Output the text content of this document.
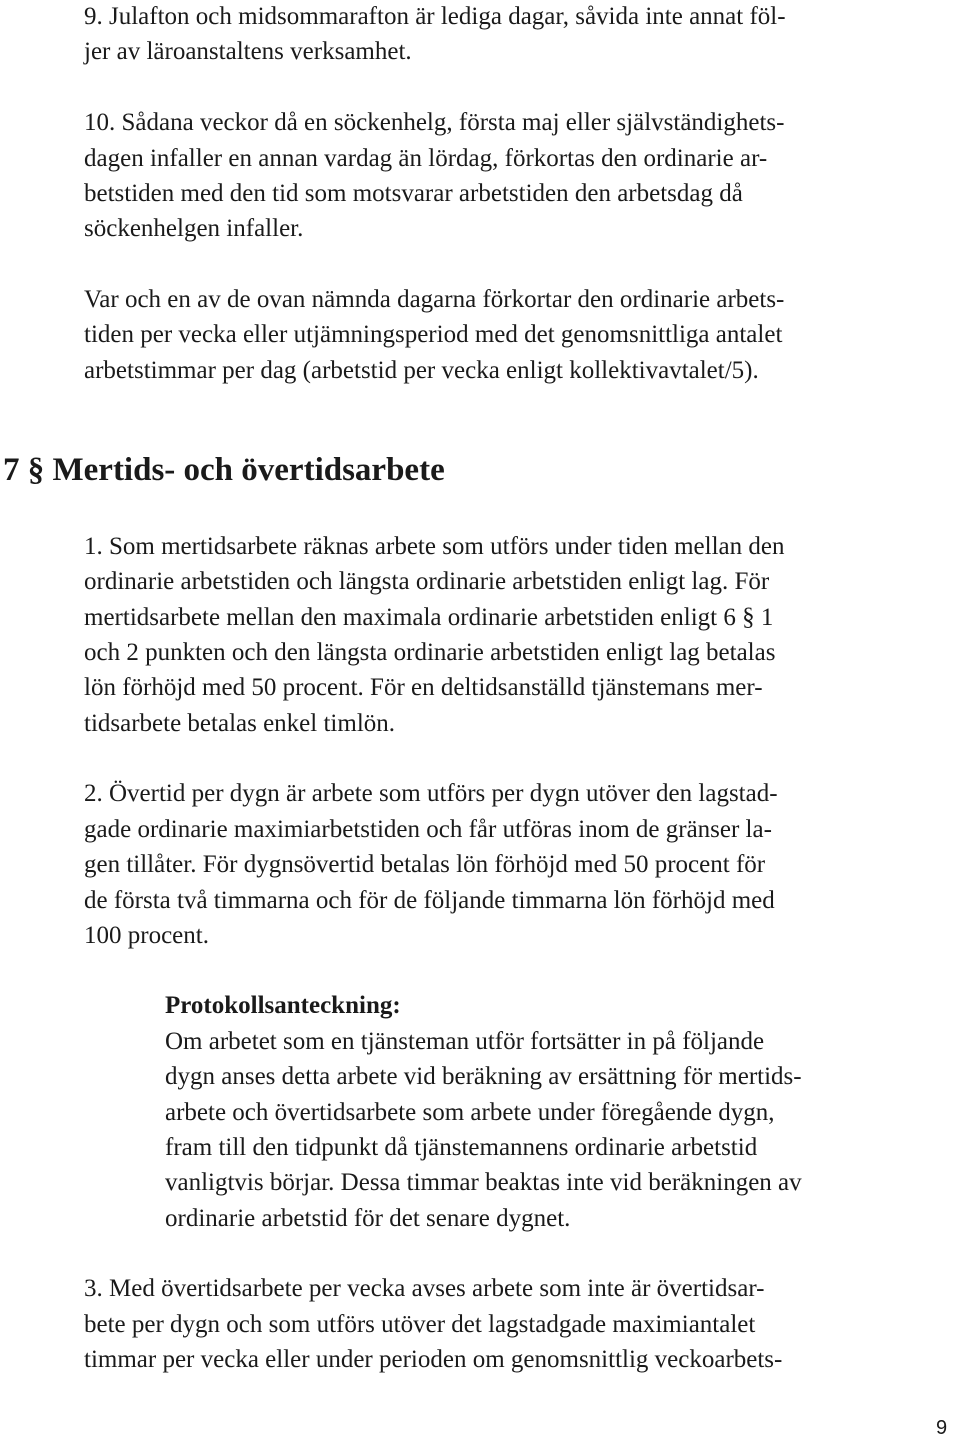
9. Julafton och midsommarafton är lediga dagar, såvida inte annat föl-
jer av läroanstaltens verksamhet.
10. Sådana veckor då en söckenhelg, första maj eller självständighets-
dagen infaller en annan vardag än lördag, förkortas den ordinarie ar-
betstiden med den tid som motsvarar arbetstiden den arbetsdag då
söckenhelgen infaller.
Var och en av de ovan nämnda dagarna förkortar den ordinarie arbets-
tiden per vecka eller utjämningsperiod med det genomsnittliga antalet
arbetstimmar per dag (arbetstid per vecka enligt kollektivavtalet/5).
7 § Mertids- och övertidsarbete
1. Som mertidsarbete räknas arbete som utförs under tiden mellan den
ordinarie arbetstiden och längsta ordinarie arbetstiden enligt lag. För
mertidsarbete mellan den maximala ordinarie arbetstiden enligt 6 § 1
och 2 punkten och den längsta ordinarie arbetstiden enligt lag betalas
lön förhöjd med 50 procent. För en deltidsanställd tjänstemans mer-
tidsarbete betalas enkel timlön.
2. Övertid per dygn är arbete som utförs per dygn utöver den lagstad-
gade ordinarie maximiarbetstiden och får utföras inom de gränser la-
gen tillåter. För dygnsövertid betalas lön förhöjd med 50 procent för
de första två timmarna och för de följande timmarna lön förhöjd med
100 procent.
Protokollsanteckning:
Om arbetet som en tjänsteman utför fortsätter in på följande
dygn anses detta arbete vid beräkning av ersättning för mertids-
arbete och övertidsarbete som arbete under föregående dygn,
fram till den tidpunkt då tjänstemannens ordinarie arbetstid
vanligtvis börjar. Dessa timmar beaktas inte vid beräkningen av
ordinarie arbetstid för det senare dygnet.
3. Med övertidsarbete per vecka avses arbete som inte är övertidsar-
bete per dygn och som utförs utöver det lagstadgade maximiantalet
timmar per vecka eller under perioden om genomsnittlig veckoarbets-
9
